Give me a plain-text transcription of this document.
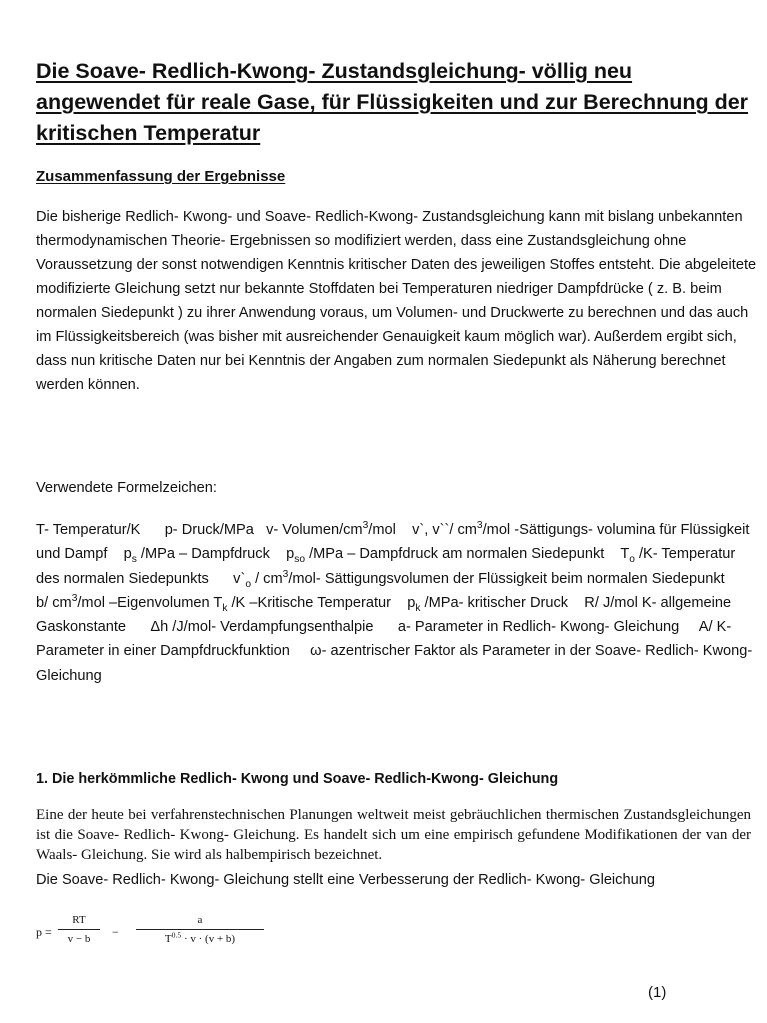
Die Soave- Redlich-Kwong- Zustandsgleichung- völlig neu angewendet für reale Gase, für Flüssigkeiten und zur Berechnung der kritischen Temperatur
Zusammenfassung der Ergebnisse

Die bisherige Redlich- Kwong- und Soave- Redlich-Kwong- Zustandsgleichung kann mit bislang unbekannten thermodynamischen Theorie- Ergebnissen so modifiziert werden, dass eine Zustandsgleichung ohne Voraussetzung der sonst notwendigen Kenntnis kritischer Daten des jeweiligen Stoffes entsteht. Die abgeleitete modifizierte Gleichung setzt nur bekannte Stoffdaten bei Temperaturen niedriger Dampfdrücke ( z. B. beim normalen Siedepunkt ) zu ihrer Anwendung voraus, um Volumen- und Druckwerte zu berechnen und das auch im Flüssigkeitsbereich (was bisher mit ausreichender Genauigkeit kaum möglich war). Außerdem ergibt sich, dass nun kritische Daten nur bei Kenntnis der Angaben zum normalen Siedepunkt als Näherung berechnet werden können.

Verwendete Formelzeichen:

T- Temperatur/K p- Druck/MPa v- Volumen/$cm^3$/mol v`, v``/ $cm^3$/mol -Sättigungs- volumina für Flüssigkeit und Dampf $p_s$ /MPa – Dampfdruck $p_{so}$ /MPa – Dampfdruck am normalen Siedepunkt $T_o$ /K- Temperatur des normalen Siedepunkts $v`_o / cm^3/mol-$ Sättigungsvolumen der Flüssigkeit beim normalen Siedepunkt      b/ $cm^3$/mol –Eigenvolumen $T_k$ /K –Kritische Temperatur $p_k$ /MPa- kritischer Druck R/ J/mol K- allgemeine Gaskonstante Δh /J/mol- Verdampfungsenthalpie a- Parameter in Redlich- Kwong- Gleichung A/ K- Parameter in einer Dampfdruckfunktion ω- azentrischer Faktor als Parameter in der Soave- Redlich- Kwong- Gleichung

1. Die herkömmliche Redlich- Kwong und Soave- Redlich-Kwong- Gleichung

Eine der heute bei verfahrenstechnischen Planungen weltweit meist gebräuchlichen thermischen Zustandsgleichungen ist die Soave- Redlich- Kwong- Gleichung. Es handelt sich um eine empirisch gefundene Modifikationen der van der Waals- Gleichung. Sie wird als halbempirisch bezeichnet.

Die Soave- Redlich- Kwong- Gleichung stellt eine Verbesserung der Redlich- Kwong- Gleichung

p =
RT
v − b	−
a
$T^{0.5} \cdot v \cdot (v + b)$

(1)
